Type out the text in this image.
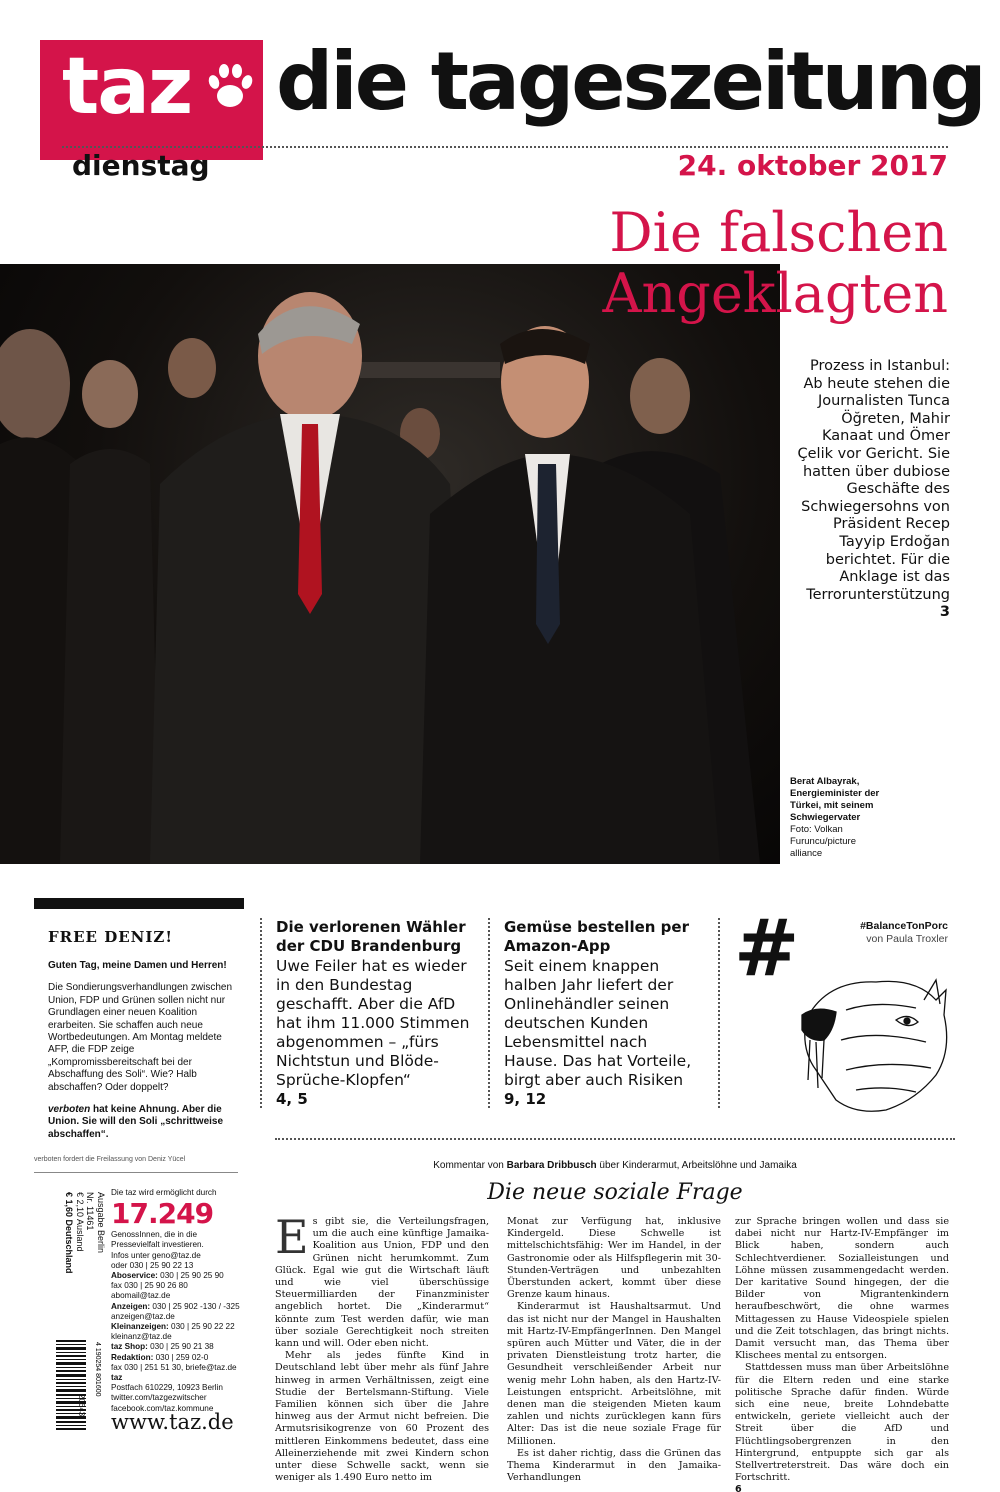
taz die tageszeitung
dienstag	24. oktober 2017
Die falschen
Angeklagten
Prozess in Istanbul: Ab heute stehen die Journalisten Tunca Öğreten, Mahir Kanaat und Ömer Çelik vor Gericht. Sie hatten über dubiose Geschäfte des Schwiegersohns von Präsident Recep Tayyip Erdoğan berichtet. Für die Anklage ist das Terrorunterstützung
3
Berat Albayrak, Energieminister der Türkei, mit seinem Schwiegervater
Foto: Volkan Furuncu/picture alliance
FREE DENIZ!

Guten Tag, meine Damen und Herren!

Die Sondierungsverhandlungen zwischen Union, FDP und Grünen sollen nicht nur Grundlagen einer neuen Koalition erarbeiten. Sie schaffen auch neue Wortbedeutungen. Am Montag meldete AFP, die FDP zeige „Kompromissbereitschaft bei der Abschaffung des Soli“. Wie? Halb abschaffen? Oder doppelt?

verboten hat keine Ahnung. Aber die Union. Sie will den Soli „schrittweise abschaffen“.

verboten fordert die Freilassung von Deniz Yücel
Die verlorenen Wähler der CDU Brandenburg
Uwe Feiler hat es wieder in den Bundestag geschafft. Aber die AfD hat ihm 11.000 Stimmen abgenommen – „fürs Nichtstun und Blöde-Sprüche-Klopfen“
4, 5
Gemüse bestellen per Amazon-App
Seit einem knappen halben Jahr liefert der Onlinehändler seinen deutschen Kunden Lebensmittel nach Hause. Das hat Vorteile, birgt aber auch Risiken
9, 12
#	#BalanceTonPorc
von Paula Troxler
Kommentar von Barbara Dribbusch über Kinderarmut, Arbeitslöhne und Jamaika
Die neue soziale Frage

Es gibt sie, die Verteilungsfragen, um die auch eine künftige Jamaika-Koalition aus Union, FDP und den Grünen nicht herumkommt. Zum Glück. Egal wie gut die Wirtschaft läuft und wie viel überschüssige Steuermilliarden der Finanzminister angeblich hortet. Die „Kinderarmut“ könnte zum Test werden dafür, wie man über soziale Gerechtigkeit noch streiten kann und will. Oder eben nicht.

Mehr als jedes fünfte Kind in Deutschland lebt über mehr als fünf Jahre hinweg in armen Verhältnissen, zeigt eine Studie der Bertelsmann-Stiftung. Viele Familien können sich über die Jahre hinweg aus der Armut nicht befreien. Die Armutsrisikogrenze von 60 Prozent des mittleren Einkommens bedeutet, dass eine Alleinerziehende mit zwei Kindern schon unter diese Schwelle sackt, wenn sie weniger als 1.490 Euro netto im

Monat zur Verfügung hat, inklusive Kindergeld. Diese Schwelle ist mittelschichtsfähig: Wer im Handel, in der Gastronomie oder als Hilfspflegerin mit 30-Stunden-Verträgen und unbezahlten Überstunden ackert, kommt über diese Grenze kaum hinaus.

Kinderarmut ist Haushaltsarmut. Und das ist nicht nur der Mangel in Haushalten mit Hartz-IV-EmpfängerInnen. Den Mangel spüren auch Mütter und Väter, die in der privaten Dienstleistung trotz harter, die Gesundheit verschleißender Arbeit nur wenig mehr Lohn haben, als den Hartz-IV-Leistungen entspricht. Arbeitslöhne, mit denen man die steigenden Mieten kaum zahlen und nichts zurücklegen kann fürs Alter: Das ist die neue soziale Frage für Millionen.

Es ist daher richtig, dass die Grünen das Thema Kinderarmut in den Jamaika-Verhandlungen

zur Sprache bringen wollen und dass sie dabei nicht nur Hartz-IV-Empfänger im Blick haben, sondern auch Schlechtverdiener. Sozialleistungen und Löhne müssen zusammengedacht werden. Der karitative Sound hingegen, der die Bilder von Migrantenkindern heraufbeschwört, die ohne warmes Mittagessen zu Hause Videospiele spielen und die Zeit totschlagen, das bringt nichts. Damit versucht man, das Thema über Klischees mental zu entsorgen.

Stattdessen muss man über Arbeitslöhne für die Eltern reden und eine starke politische Sprache dafür finden. Würde sich eine neue, breite Lohndebatte entwickeln, geriete vielleicht auch der Streit über die AfD und Flüchtlingsobergrenzen in den Hintergrund, entpuppte sich gar als Stellvertreterstreit. Das wäre doch ein Fortschritt.

6

Ausgabe Berlin
Nr. 11461
€ 2,10 Ausland
€ 1,60 Deutschland
4 190254 801600
Die taz wird ermöglicht durch
17.249
GenossInnen, die in die Pressevielfalt investieren.
Infos unter geno@taz.de
oder 030 | 25 90 22 13
Aboservice: 030 | 25 90 25 90
fax 030 | 25 90 26 80
abomail@taz.de
Anzeigen: 030 | 25 902 -130 / -325
anzeigen@taz.de
Kleinanzeigen: 030 | 25 90 22 22
kleinanz@taz.de
taz Shop: 030 | 25 90 21 38
Redaktion: 030 | 259 02-0
fax 030 | 251 51 30, briefe@taz.de
taz
Postfach 610229, 10923 Berlin
twitter.com/tazgezwitscher
facebook.com/taz.kommune
www.taz.de
20643
